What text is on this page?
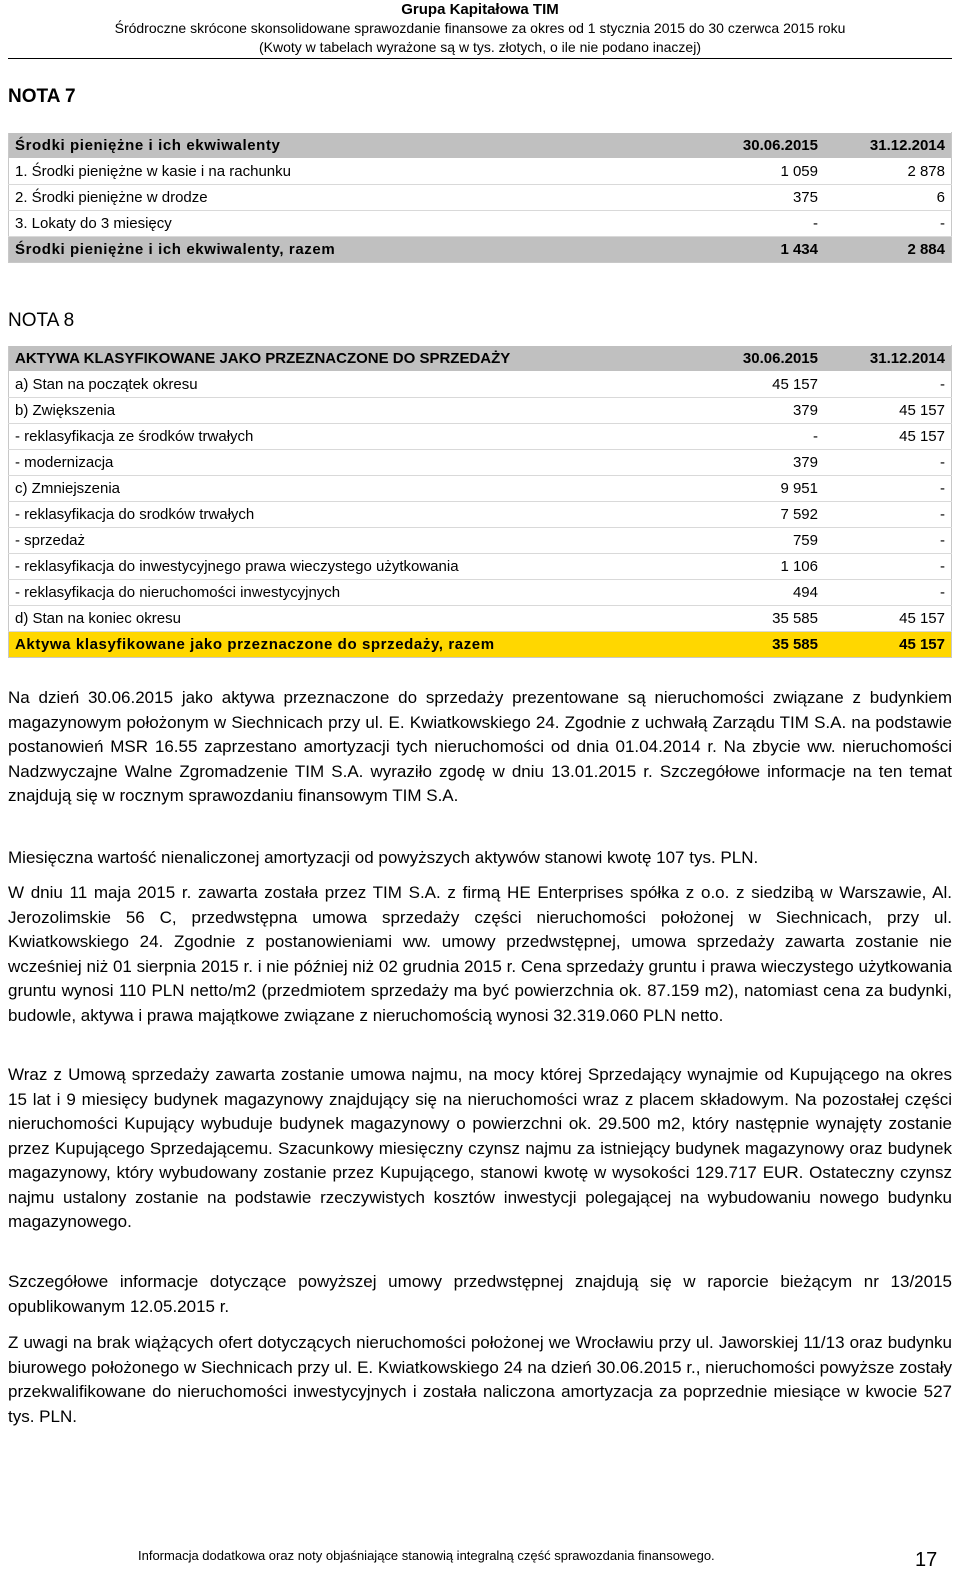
Grupa Kapitałowa TIM
Śródroczne skrócone skonsolidowane sprawozdanie finansowe za okres od 1 stycznia 2015 do 30 czerwca 2015 roku
(Kwoty w tabelach wyrażone są w tys. złotych, o ile nie podano inaczej)
NOTA 7
Środki pieniężne i ich ekwiwalenty	30.06.2015	31.12.2014
1. Środki pieniężne w kasie i na rachunku	1 059	2 878
2. Środki pieniężne w drodze	375	6
3. Lokaty do 3 miesięcy	-	-
Środki pieniężne i ich ekwiwalenty, razem	1 434	2 884
NOTA 8
AKTYWA KLASYFIKOWANE JAKO PRZEZNACZONE DO SPRZEDAŻY	30.06.2015	31.12.2014
a) Stan na początek okresu	45 157	-
b) Zwiększenia	379	45 157
- reklasyfikacja ze środków trwałych	-	45 157
- modernizacja	379	-
c) Zmniejszenia	9 951	-
- reklasyfikacja do srodków trwałych	7 592	-
- sprzedaż	759	-
- reklasyfikacja do inwestycyjnego prawa wieczystego użytkowania	1 106	-
- reklasyfikacja do nieruchomości inwestycyjnych	494	-
d) Stan na koniec okresu	35 585	45 157
Aktywa klasyfikowane jako przeznaczone do sprzedaży, razem	35 585	45 157
Na dzień 30.06.2015 jako aktywa przeznaczone do sprzedaży prezentowane są nieruchomości związane z budynkiem magazynowym położonym w Siechnicach przy ul. E. Kwiatkowskiego 24. Zgodnie z uchwałą Zarządu TIM S.A. na podstawie postanowień MSR 16.55 zaprzestano amortyzacji tych nieruchomości od dnia 01.04.2014 r. Na zbycie ww. nieruchomości Nadzwyczajne Walne Zgromadzenie TIM S.A. wyraziło zgodę w dniu 13.01.2015 r. Szczegółowe informacje na ten temat znajdują się w rocznym sprawozdaniu finansowym TIM S.A.
Miesięczna wartość nienaliczonej amortyzacji od powyższych aktywów stanowi kwotę 107 tys. PLN.
W dniu 11 maja 2015 r. zawarta została przez TIM S.A. z firmą HE Enterprises spółka z o.o. z siedzibą w Warszawie, Al. Jerozolimskie 56 C, przedwstępna umowa sprzedaży części nieruchomości położonej w Siechnicach, przy ul. Kwiatkowskiego 24. Zgodnie z postanowieniami ww. umowy przedwstępnej, umowa sprzedaży zawarta zostanie nie wcześniej niż 01 sierpnia 2015 r. i nie później niż 02 grudnia 2015 r. Cena sprzedaży gruntu i prawa wieczystego użytkowania gruntu wynosi 110 PLN netto/m2 (przedmiotem sprzedaży ma być powierzchnia ok. 87.159 m2), natomiast cena za budynki, budowle, aktywa i prawa majątkowe związane z nieruchomością wynosi 32.319.060 PLN netto.
Wraz z Umową sprzedaży zawarta zostanie umowa najmu, na mocy której Sprzedający wynajmie od Kupującego na okres 15 lat i 9 miesięcy budynek magazynowy znajdujący się na nieruchomości wraz z placem składowym. Na pozostałej części nieruchomości Kupujący wybuduje budynek magazynowy o powierzchni ok. 29.500 m2, który następnie wynajęty zostanie przez Kupującego Sprzedającemu. Szacunkowy miesięczny czynsz najmu za istniejący budynek magazynowy oraz budynek magazynowy, który wybudowany zostanie przez Kupującego, stanowi kwotę w wysokości 129.717 EUR. Ostateczny czynsz najmu ustalony zostanie na podstawie rzeczywistych kosztów inwestycji polegającej na wybudowaniu nowego budynku magazynowego.
Szczegółowe informacje dotyczące powyższej umowy przedwstępnej znajdują się w raporcie bieżącym nr 13/2015 opublikowanym 12.05.2015 r.
Z uwagi na brak wiążących ofert dotyczących nieruchomości położonej we Wrocławiu przy ul. Jaworskiej 11/13 oraz budynku biurowego położonego w Siechnicach przy ul. E. Kwiatkowskiego 24 na dzień 30.06.2015 r., nieruchomości powyższe zostały przekwalifikowane do nieruchomości inwestycyjnych i została naliczona amortyzacja za poprzednie miesiące w kwocie 527 tys. PLN.
Informacja dodatkowa oraz noty objaśniające stanowią integralną część sprawozdania finansowego.	17
